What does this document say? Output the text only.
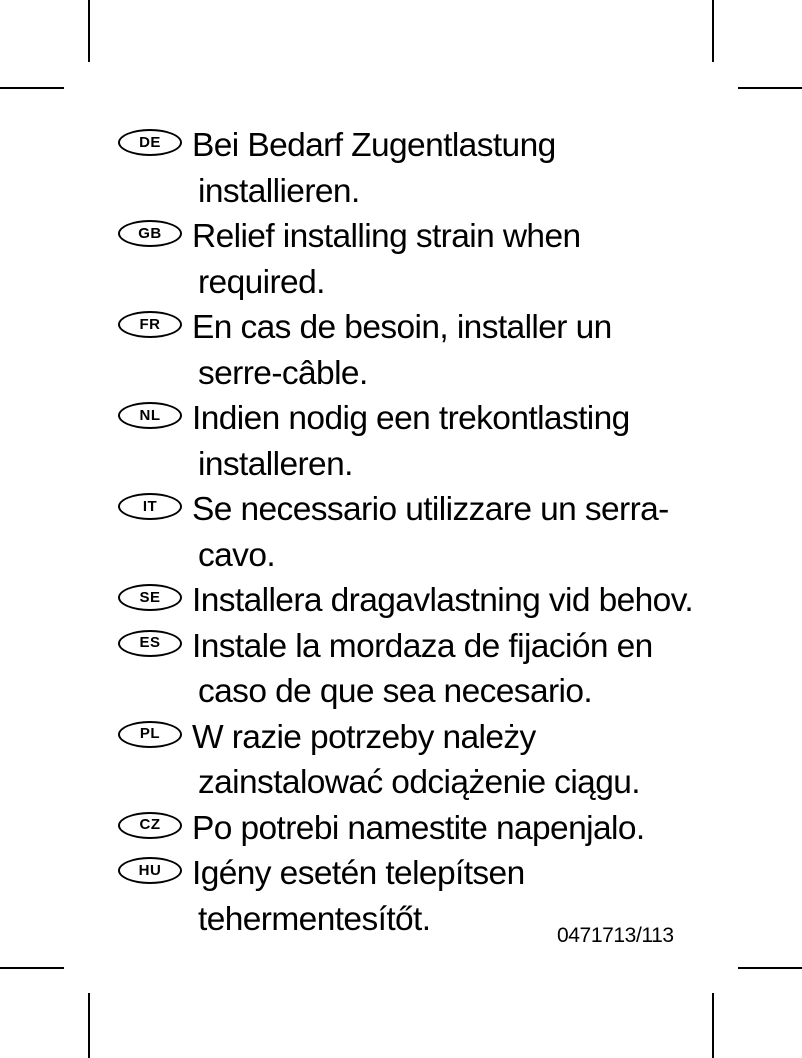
DE Bei Bedarf Zugentlastung installieren.
GB Relief installing strain when required.
FR En cas de besoin, installer un serre-câble.
NL Indien nodig een trekontlasting installeren.
IT	Se necessario utilizzare un serra-cavo.
SE Installera dragavlastning vid behov.
ES Instale la mordaza de fijación en caso de que sea necesario.
PL W razie potrzeby należy zainstalować odciążenie ciągu.
CZ Po potrebi namestite napenjalo.
HU Igény esetén telepítsen tehermentesítőt.	0471713/113
